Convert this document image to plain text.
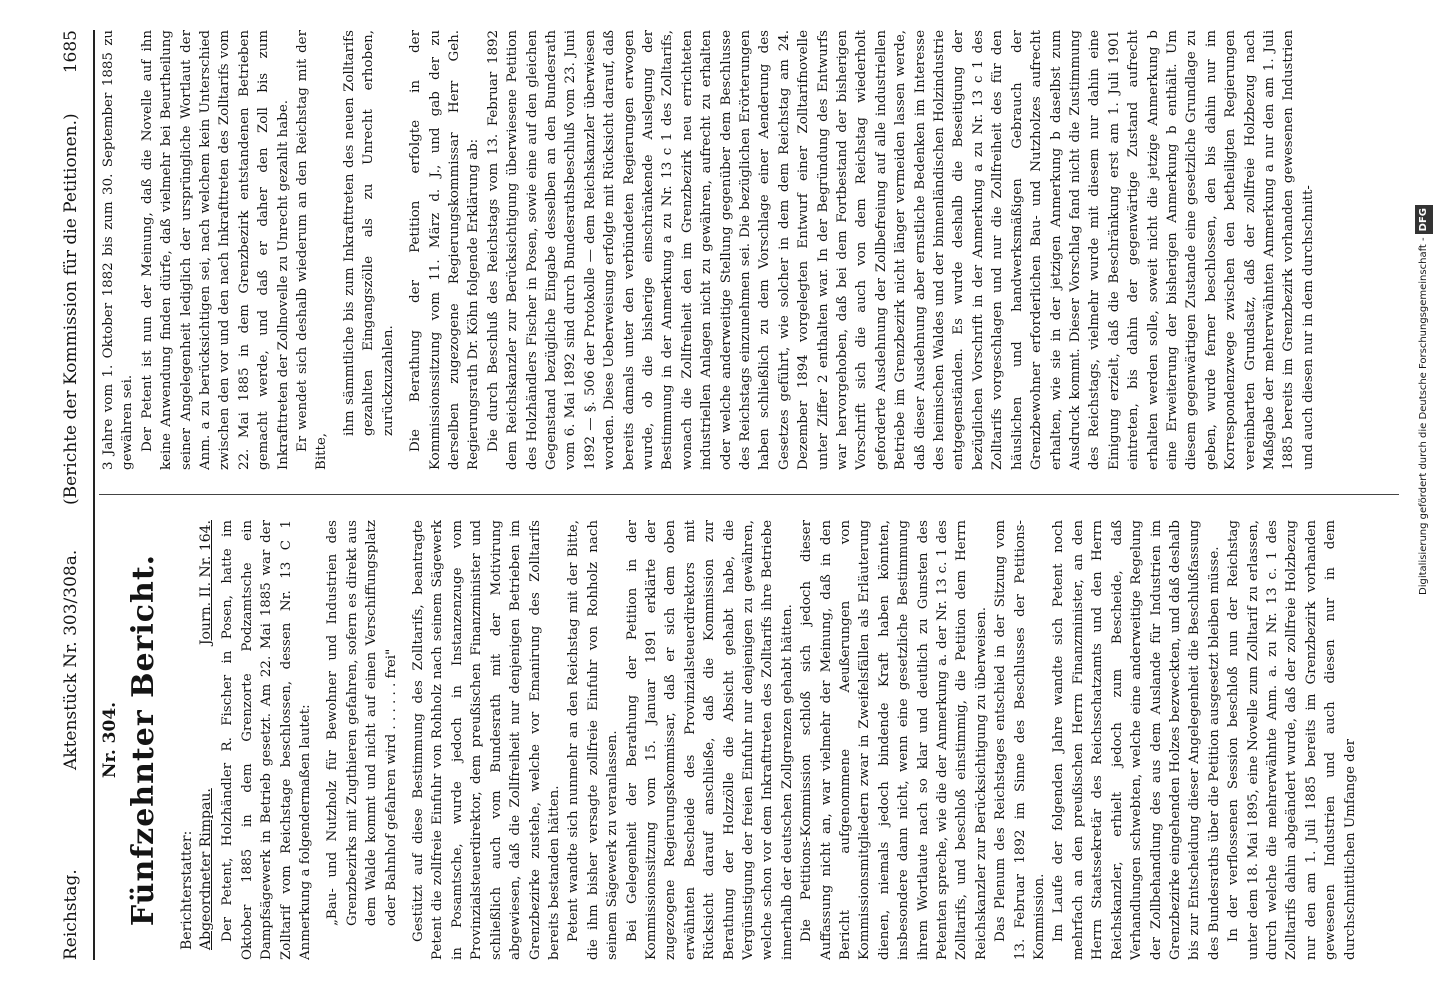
Reichstag.
Aktenstück Nr. 303/308a.
(Berichte der Kommission für die Petitionen.)
1685
Nr. 304. Fünfzehnter Bericht. Berichterstatter: Abgeordneter Rimpau.
Journ. II. Nr. 164. Der Petent, Holzhändler R. Fischer in Posen, hatte im Oktober 1885 in dem Grenzorte Podzamtsche ein Dampfsägewerk in Betrieb gesetzt. Am 22. Mai 1885 war der Zolltarif vom Reichstage beschlossen, dessen Nr. 13 C 1 Anmerkung a folgendermaßen lautet: „Bau- und Nutzholz für Bewohner und Industrien des Grenzbezirks mit Zugthieren gefahren, sofern es direkt aus dem Walde kommt und nicht auf einen Verschiffungsplatz oder Bahnhof gefahren wird . . . . . . frei" Gestützt auf diese Bestimmung des Zolltarifs, beantragte Petent die zollfreie Einfuhr von Rohholz nach seinem Sägewerk in Posamtsche, wurde jedoch in Instanzenzuge vom Provinzialsteuerdirektor, dem preußischen Finanzminister und schließlich auch vom Bundesrath mit der Motivirung abgewiesen, daß die Zollfreiheit nur denjenigen Betrieben im Grenzbezirke zustehe, welche vor Emanirung des Zolltarifs bereits bestanden hätten. Petent wandte sich nunmehr an den Reichstag mit der Bitte, die ihm bisher versagte zollfreie Einfuhr von Rohholz nach seinem Sägewerk zu veranlassen. Bei Gelegenheit der Berathung der Petition in der Kommissionssitzung vom 15. Januar 1891 erklärte der zugezogene Regierungskommissar, daß er sich dem oben erwähnten Bescheide des Provinzialsteuerdirektors mit Rücksicht darauf anschließe, daß die Kommission zur Berathung der Holzzölle die Absicht gehabt habe, die Vergünstigung der freien Einfuhr nur denjenigen zu gewähren, welche schon vor dem Inkrafttreten des Zolltarifs ihre Betriebe innerhalb der deutschen Zollgrenzen gehabt hätten. Die Petitions-Kommission schloß sich jedoch dieser Auffassung nicht an, war vielmehr der Meinung, daß in den Bericht aufgenommene Aeußerungen von Kommissionsmitgliedern zwar in Zweifelsfällen als Erläuterung dienen, niemals jedoch bindende Kraft haben könnten, insbesondere dann nicht, wenn eine gesetzliche Bestimmung ihrem Wortlaute nach so klar und deutlich zu Gunsten des Petenten spreche, wie die der Anmerkung a. der Nr. 13 c. 1 des Zolltarifs, und beschloß einstimmig, die Petition dem Herrn Reichskanzler zur Berücksichtigung zu überweisen. Das Plenum des Reichstages entschied in der Sitzung vom 13. Februar 1892 im Sinne des Beschlusses der Petitions-Kommission. Im Laufe der folgenden Jahre wandte sich Petent noch mehrfach an den preußischen Herrn Finanzminister, an den Herrn Staatssekretär des Reichsschatzamts und den Herrn Reichskanzler, erhielt jedoch zum Bescheide, daß Verhandlungen schwebten, welche eine anderweitige Regelung der Zollbehandlung des aus dem Auslande für Industrien im Grenzbezirke eingehenden Holzes bezweckten, und daß deshalb bis zur Entscheidung dieser Angelegenheit die Beschlußfassung des Bundesraths über die Petition ausgesetzt bleiben müsse. In der verflossenen Session beschloß nun der Reichstag unter dem 18. Mai 1895, eine Novelle zum Zolltarif zu erlassen, durch welche die mehrerwähnte Anm. a. zu Nr. 13 c. 1 des Zolltarifs dahin abgeändert wurde, daß der zollfreie Holzbezug nur den am 1. Juli 1885 bereits im Grenzbezirk vorhanden gewesenen Industrien und auch diesen nur in dem durchschnittlichen Umfange der

3 Jahre vom 1. Oktober 1882 bis zum 30. September 1885 zu gewähren sei. Der Petent ist nun der Meinung, daß die Novelle auf ihn keine Anwendung finden dürfe, daß vielmehr bei Beurtheilung seiner Angelegenheit lediglich der ursprüngliche Wortlaut der Anm. a zu berücksichtigen sei, nach welchem kein Unterschied zwischen den vor und den nach Inkrafttreten des Zolltarifs vom 22. Mai 1885 in dem Grenzbezirk entstandenen Betrieben gemacht werde, und daß er daher den Zoll bis zum Inkrafttreten der Zollnovelle zu Unrecht gezahlt habe. Er wendet sich deshalb wiederum an den Reichstag mit der Bitte,

ihm sämmtliche bis zum Inkrafttreten des neuen Zolltarifs gezahlten Eingangszölle als zu Unrecht erhoben, zurückzuzahlen. Die Berathung der Petition erfolgte in der Kommissionssitzung vom 11. März d. J., und gab der zu derselben zugezogene Regierungskommissar Herr Geh. Regierungsrath Dr. Köhn folgende Erklärung ab: Die durch Beschluß des Reichstags vom 13. Februar 1892 dem Reichskanzler zur Berücksichtigung überwiesene Petition des Holzhändlers Fischer in Posen, sowie eine auf den gleichen Gegenstand bezügliche Eingabe desselben an den Bundesrath vom 6. Mai 1892 sind durch Bundesrathsbeschluß vom 23. Juni 1892 — §. 506 der Protokolle — dem Reichskanzler überwiesen worden. Diese Ueberweisung erfolgte mit Rücksicht darauf, daß bereits damals unter den verbündeten Regierungen erwogen wurde, ob die bisherige einschränkende Auslegung der Bestimmung in der Anmerkung a zu Nr. 13 c 1 des Zolltarifs, wonach die Zollfreiheit den im Grenzbezirk neu errichteten industriellen Anlagen nicht zu gewähren, aufrecht zu erhalten oder welche anderweitige Stellung gegenüber dem Beschlusse des Reichstags einzunehmen sei. Die bezüglichen Erörterungen haben schließlich zu dem Vorschlage einer Aenderung des Gesetzes geführt, wie solcher in dem dem Reichstag am 24. Dezember 1894 vorgelegten Entwurf einer Zolltarifnovelle unter Ziffer 2 enthalten war. In der Begründung des Entwurfs war hervorgehoben, daß bei dem Fortbestand der bisherigen Vorschrift sich die auch von dem Reichstag wiederholt geforderte Ausdehnung der Zollbefreiung auf alle industriellen Betriebe im Grenzbezirk nicht länger vermeiden lassen werde, daß dieser Ausdehnung aber ernstliche Bedenken im Interesse des heimischen Waldes und der binnenländischen Holzindustrie entgegenständen. Es wurde deshalb die Beseitigung der bezüglichen Vorschrift in der Anmerkung a zu Nr. 13 c 1 des Zolltarifs vorgeschlagen und nur die Zollfreiheit des für den häuslichen und handwerksmäßigen Gebrauch der Grenzbewohner erforderlichen Bau- und Nutzholzes aufrecht erhalten, wie sie in der jetzigen Anmerkung b daselbst zum Ausdruck kommt. Dieser Vorschlag fand nicht die Zustimmung des Reichstags, vielmehr wurde mit diesem nur dahin eine Einigung erzielt, daß die Beschränkung erst am 1. Juli 1901 eintreten, bis dahin der gegenwärtige Zustand aufrecht erhalten werden solle, soweit nicht die jetzige Anmerkung b eine Erweiterung der bisherigen Anmerkung b enthält. Um diesem gegenwärtigen Zustande eine gesetzliche Grundlage zu geben, wurde ferner beschlossen, den bis dahin nur im Korrespondenzwege zwischen den betheiligten Regierungen vereinbarten Grundsatz, daß der zollfreie Holzbezug nach Maßgabe der mehrerwähnten Anmerkung a nur den am 1. Juli 1885 bereits im Grenzbezirk vorhanden gewesenen Industrien und auch diesen nur in dem durchschnitt-	Digitalisierung gefördert durch die Deutsche Forschungsgemeinschaft -DFG
